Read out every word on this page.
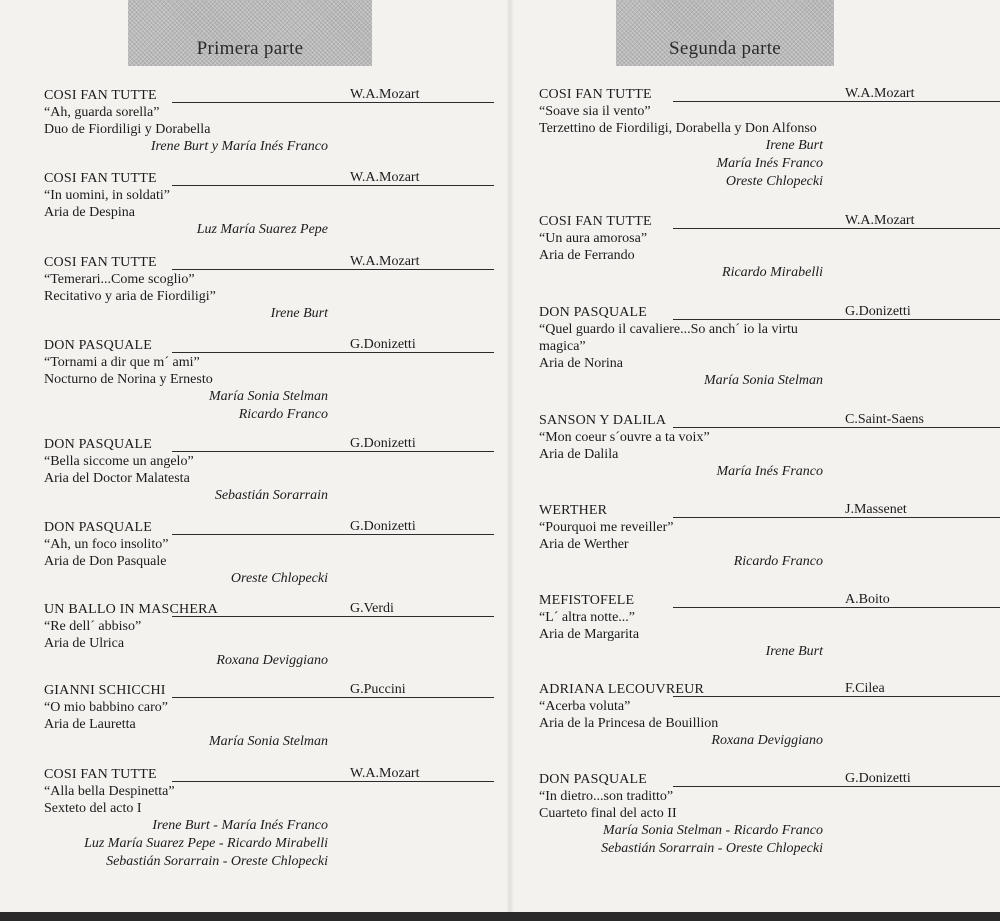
Primera parte
COSI FAN TUTTE	W.A.Mozart
“Ah, guarda sorella”
Duo de Fiordiligi y Dorabella
Irene Burt y María Inés Franco
COSI FAN TUTTE	W.A.Mozart
“In uomini, in soldati”
Aria de Despina
Luz María Suarez Pepe
COSI FAN TUTTE	W.A.Mozart
“Temerari...Come scoglio”
Recitativo y aria de Fiordiligi”
Irene Burt
DON PASQUALE	G.Donizetti
“Tornami a dir que m´ ami”
Nocturno de Norina y Ernesto
María Sonia Stelman
Ricardo Franco
DON PASQUALE	G.Donizetti
“Bella siccome un angelo”
Aria del Doctor Malatesta
Sebastián Sorarrain
DON PASQUALE	G.Donizetti
“Ah, un foco insolito”
Aria de Don Pasquale
Oreste Chlopecki
UN BALLO IN MASCHERA	G.Verdi
“Re dell´ abbiso”
Aria de Ulrica
Roxana Deviggiano
GIANNI SCHICCHI	G.Puccini
“O mio babbino caro”
Aria de Lauretta
María Sonia Stelman
COSI FAN TUTTE	W.A.Mozart
“Alla bella Despinetta”
Sexteto del acto I
Irene Burt - María Inés Franco
Luz María Suarez Pepe - Ricardo Mirabelli
Sebastián Sorarrain - Oreste Chlopecki
Segunda parte
COSI FAN TUTTE	W.A.Mozart
“Soave sia il vento”
Terzettino de Fiordiligi, Dorabella y Don Alfonso
Irene Burt
María Inés Franco
Oreste Chlopecki
COSI FAN TUTTE	W.A.Mozart
“Un aura amorosa”
Aria de Ferrando
Ricardo Mirabelli
DON PASQUALE	G.Donizetti
“Quel guardo il cavaliere...So anch´ io la virtu magica”
Aria de Norina
María Sonia Stelman
SANSON Y DALILA	C.Saint-Saens
“Mon coeur s´ouvre a ta voix”
Aria de Dalila
María Inés Franco
WERTHER	J.Massenet
“Pourquoi me reveiller”
Aria de Werther
Ricardo Franco
MEFISTOFELE	A.Boito
“L´ altra notte...”
Aria de Margarita
Irene Burt
ADRIANA LECOUVREUR	F.Cilea
“Acerba voluta”
Aria de la Princesa de Bouillion
Roxana Deviggiano
DON PASQUALE	G.Donizetti
“In dietro...son traditto”
Cuarteto final del acto II
María Sonia Stelman - Ricardo Franco
Sebastián Sorarrain - Oreste Chlopecki
